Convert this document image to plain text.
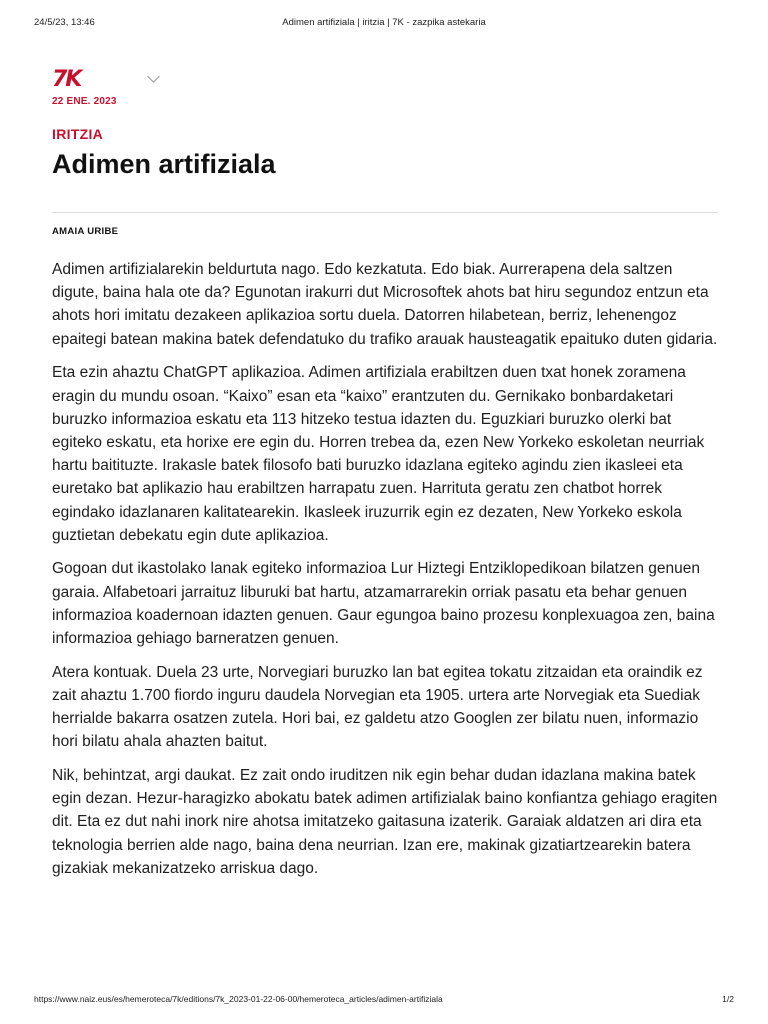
24/5/23, 13:46	Adimen artifiziala | iritzia | 7K - zazpika astekaria
7K
22 ENE. 2023
IRITZIA
Adimen artifiziala
AMAIA URIBE

Adimen artifizialarekin beldurtuta nago. Edo kezkatuta. Edo biak. Aurrerapena dela saltzen digute, baina hala ote da? Egunotan irakurri dut Microsoftek ahots bat hiru segundoz entzun eta ahots hori imitatu dezakeen aplikazioa sortu duela. Datorren hilabetean, berriz, lehenengoz epaitegi batean makina batek defendatuko du trafiko arauak hausteagatik epaituko duten gidaria.

Eta ezin ahaztu ChatGPT aplikazioa. Adimen artifiziala erabiltzen duen txat honek zoramena eragin du mundu osoan. “Kaixo” esan eta “kaixo” erantzuten du. Gernikako bonbardaketari buruzko informazioa eskatu eta 113 hitzeko testua idazten du. Eguzkiari buruzko olerki bat egiteko eskatu, eta horixe ere egin du. Horren trebea da, ezen New Yorkeko eskoletan neurriak hartu baitituzte. Irakasle batek filosofo bati buruzko idazlana egiteko agindu zien ikasleei eta euretako bat aplikazio hau erabiltzen harrapatu zuen. Harrituta geratu zen chatbot horrek egindako idazlanaren kalitatearekin. Ikasleek iruzurrik egin ez dezaten, New Yorkeko eskola guztietan debekatu egin dute aplikazioa.

Gogoan dut ikastolako lanak egiteko informazioa Lur Hiztegi Entziklopedikoan bilatzen genuen garaia. Alfabetoari jarraituz liburuki bat hartu, atzamarrarekin orriak pasatu eta behar genuen informazioa koadernoan idazten genuen. Gaur egungoa baino prozesu konplexuagoa zen, baina informazioa gehiago barneratzen genuen.

Atera kontuak. Duela 23 urte, Norvegiari buruzko lan bat egitea tokatu zitzaidan eta oraindik ez zait ahaztu 1.700 fiordo inguru daudela Norvegian eta 1905. urtera arte Norvegiak eta Suediak herrialde bakarra osatzen zutela. Hori bai, ez galdetu atzo Googlen zer bilatu nuen, informazio hori bilatu ahala ahazten baitut.

Nik, behintzat, argi daukat. Ez zait ondo iruditzen nik egin behar dudan idazlana makina batek egin dezan. Hezur-haragizko abokatu batek adimen artifizialak baino konfiantza gehiago eragiten dit. Eta ez dut nahi inork nire ahotsa imitatzeko gaitasuna izaterik. Garaiak aldatzen ari dira eta teknologia berrien alde nago, baina dena neurrian. Izan ere, makinak gizatiartzearekin batera gizakiak mekanizatzeko arriskua dago.

https://www.naiz.eus/es/hemeroteca/7k/editions/7k_2023-01-22-06-00/hemeroteca_articles/adimen-artifiziala	1/2
